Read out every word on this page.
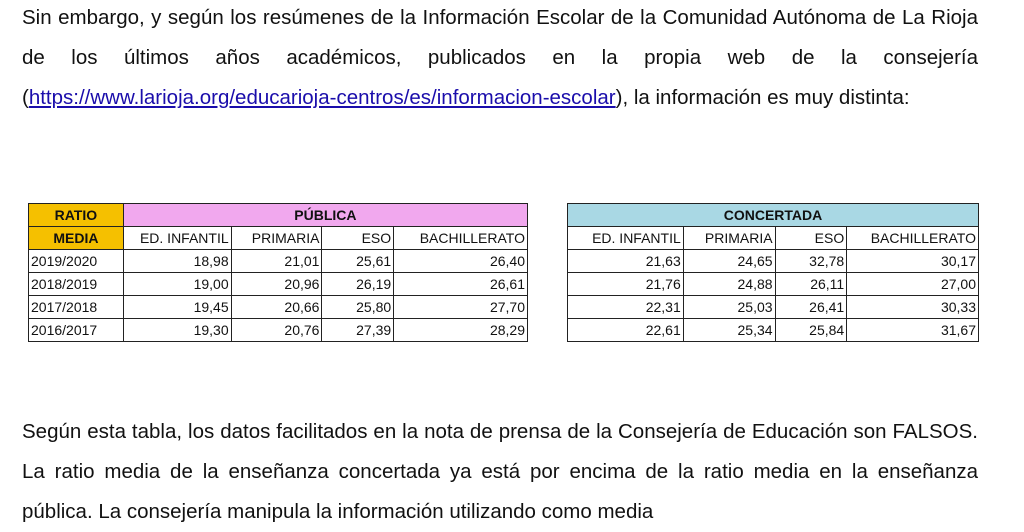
Sin embargo, y según los resúmenes de la Información Escolar de la Comunidad Autónoma de La Rioja de los últimos años académicos, publicados en la propia web de la consejería (https://www.larioja.org/educarioja-centros/es/informacion-escolar), la información es muy distinta:

RATIO	PÚBLICA			
MEDIA	ED. INFANTIL	PRIMARIA	ESO	BACHILLERATO
2019/2020	18,98	21,01	25,61	26,40
2018/2019	19,00	20,96	26,19	26,61
2017/2018	19,45	20,66	25,80	27,70
2016/2017	19,30	20,76	27,39	28,29
CONCERTADA			
ED. INFANTIL	PRIMARIA	ESO	BACHILLERATO
21,63	24,65	32,78	30,17
21,76	24,88	26,11	27,00
22,31	25,03	26,41	30,33
22,61	25,34	25,84	31,67

Según esta tabla, los datos facilitados en la nota de prensa de la Consejería de Educación son FALSOS. La ratio media de la enseñanza concertada ya está por encima de la ratio media en la enseñanza pública. La consejería manipula la información utilizando como media
